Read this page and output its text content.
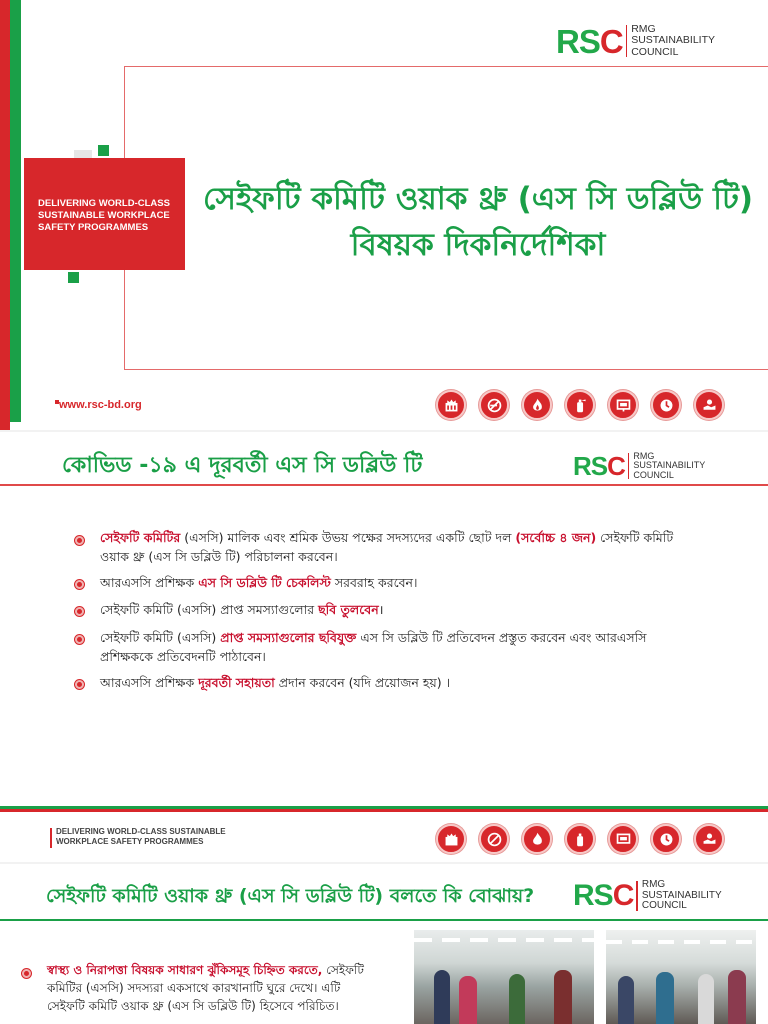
RSC RMG
SUSTAINABILITY
COUNCIL
DELIVERING WORLD-CLASS
SUSTAINABLE WORKPLACE
SAFETY PROGRAMMES
সেইফটি কমিটি ওয়াক থ্রু (এস সি ডব্লিউ টি)
বিষয়ক দিকনির্দেশিকা
www.rsc-bd.org
কোভিড -১৯ এ দূরবর্তী এস সি ডব্লিউ টি	RSC RMG
SUSTAINABILITY
COUNCIL
সেইফটি কমিটির (এসসি) মালিক এবং শ্রমিক উভয় পক্ষের সদস্যদের একটি ছোট দল (সর্বোচ্চ ৪ জন) সেইফটি কমিটি
ওয়াক থ্রু (এস সি ডব্লিউ টি) পরিচালনা করবেন।
আরএসসি প্রশিক্ষক এস সি ডব্লিউ টি চেকলিস্ট সরবরাহ করবেন।
সেইফটি কমিটি (এসসি) প্রাপ্ত সমস্যাগুলোর ছবি তুলবেন।
সেইফটি কমিটি (এসসি) প্রাপ্ত সমস্যাগুলোর ছবিযুক্ত এস সি ডব্লিউ টি প্রতিবেদন প্রস্তুত করবেন এবং আরএসসি
প্রশিক্ষককে প্রতিবেদনটি পাঠাবেন।
আরএসসি প্রশিক্ষক দূরবর্তী সহায়তা প্রদান করবেন (যদি প্রয়োজন হয়) ।
DELIVERING WORLD-CLASS SUSTAINABLE
WORKPLACE SAFETY PROGRAMMES
সেইফটি কমিটি ওয়াক থ্রু (এস সি ডব্লিউ টি) বলতে কি বোঝায়? RSC RMG
SUSTAINABILITY
COUNCIL
স্বাস্থ্য ও নিরাপত্তা বিষয়ক সাধারণ ঝুঁকিসমূহ চিহ্নিত করতে, সেইফটি
কমিটির (এসসি) সদস্যরা একসাথে কারখানাটি ঘুরে দেখে। এটি
সেইফটি কমিটি ওয়াক থ্রু (এস সি ডব্লিউ টি) হিসেবে পরিচিত।
